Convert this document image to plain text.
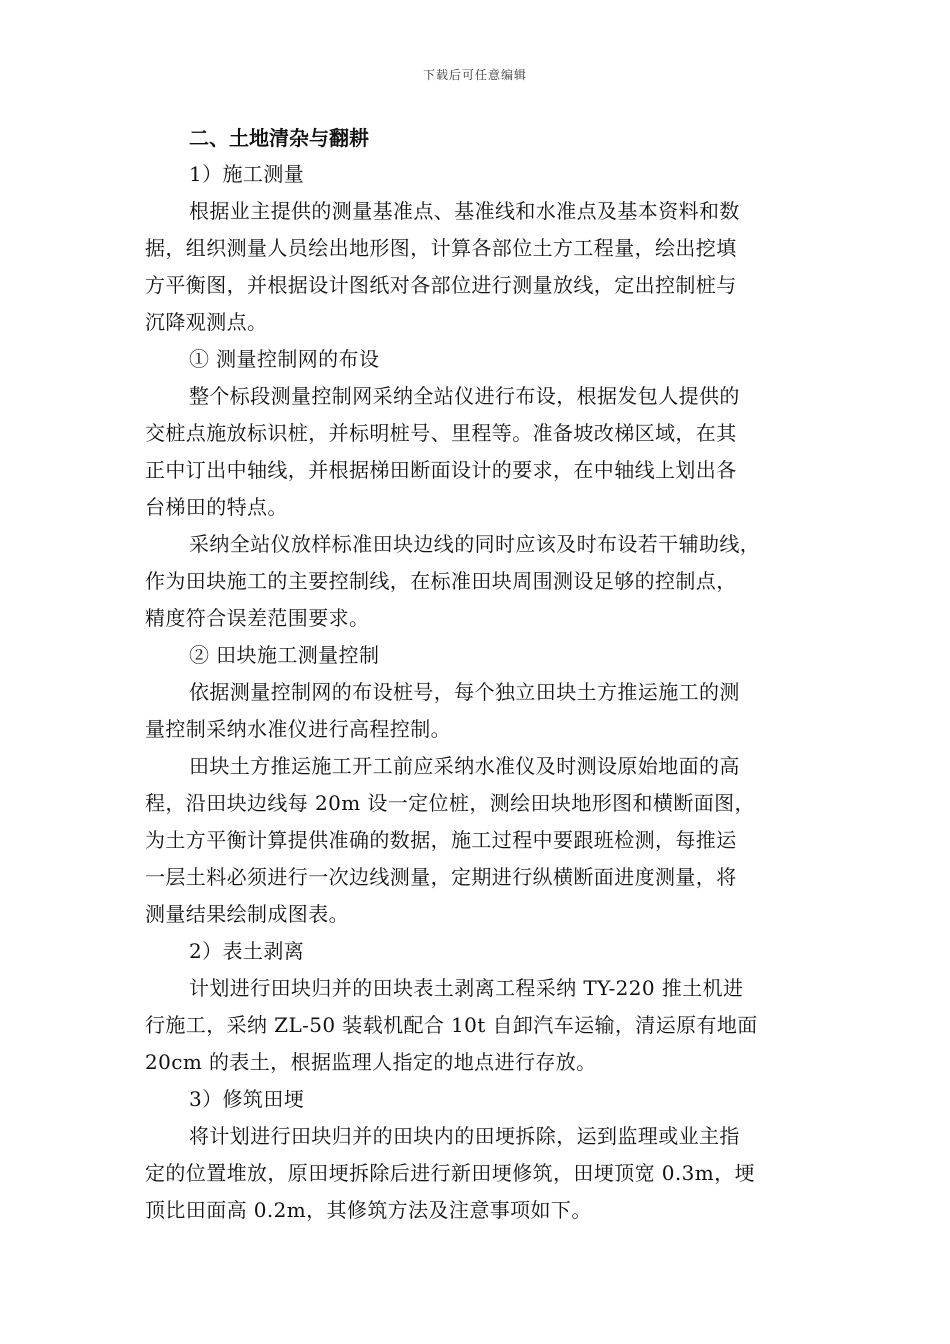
下载后可任意编辑
二、土地清杂与翻耕
1）施工测量
根据业主提供的测量基准点、基准线和水准点及基本资料和数
据，组织测量人员绘出地形图，计算各部位土方工程量，绘出挖填
方平衡图，并根据设计图纸对各部位进行测量放线，定出控制桩与
沉降观测点。
① 测量控制网的布设
整个标段测量控制网采纳全站仪进行布设，根据发包人提供的
交桩点施放标识桩，并标明桩号、里程等。准备坡改梯区域，在其
正中订出中轴线，并根据梯田断面设计的要求，在中轴线上划出各
台梯田的特点。
采纳全站仪放样标准田块边线的同时应该及时布设若干辅助线，
作为田块施工的主要控制线，在标准田块周围测设足够的控制点，
精度符合误差范围要求。
② 田块施工测量控制
依据测量控制网的布设桩号，每个独立田块土方推运施工的测
量控制采纳水准仪进行高程控制。
田块土方推运施工开工前应采纳水准仪及时测设原始地面的高
程，沿田块边线每 20m 设一定位桩，测绘田块地形图和横断面图，
为土方平衡计算提供准确的数据，施工过程中要跟班检测，每推运
一层土料必须进行一次边线测量，定期进行纵横断面进度测量，将
测量结果绘制成图表。
2）表土剥离
计划进行田块归并的田块表土剥离工程采纳 TY-220 推土机进
行施工，采纳 ZL-50 装载机配合 10t 自卸汽车运输，清运原有地面
20cm 的表土，根据监理人指定的地点进行存放。
3）修筑田埂
将计划进行田块归并的田块内的田埂拆除，运到监理或业主指
定的位置堆放，原田埂拆除后进行新田埂修筑，田埂顶宽 0.3m，埂
顶比田面高 0.2m，其修筑方法及注意事项如下。
